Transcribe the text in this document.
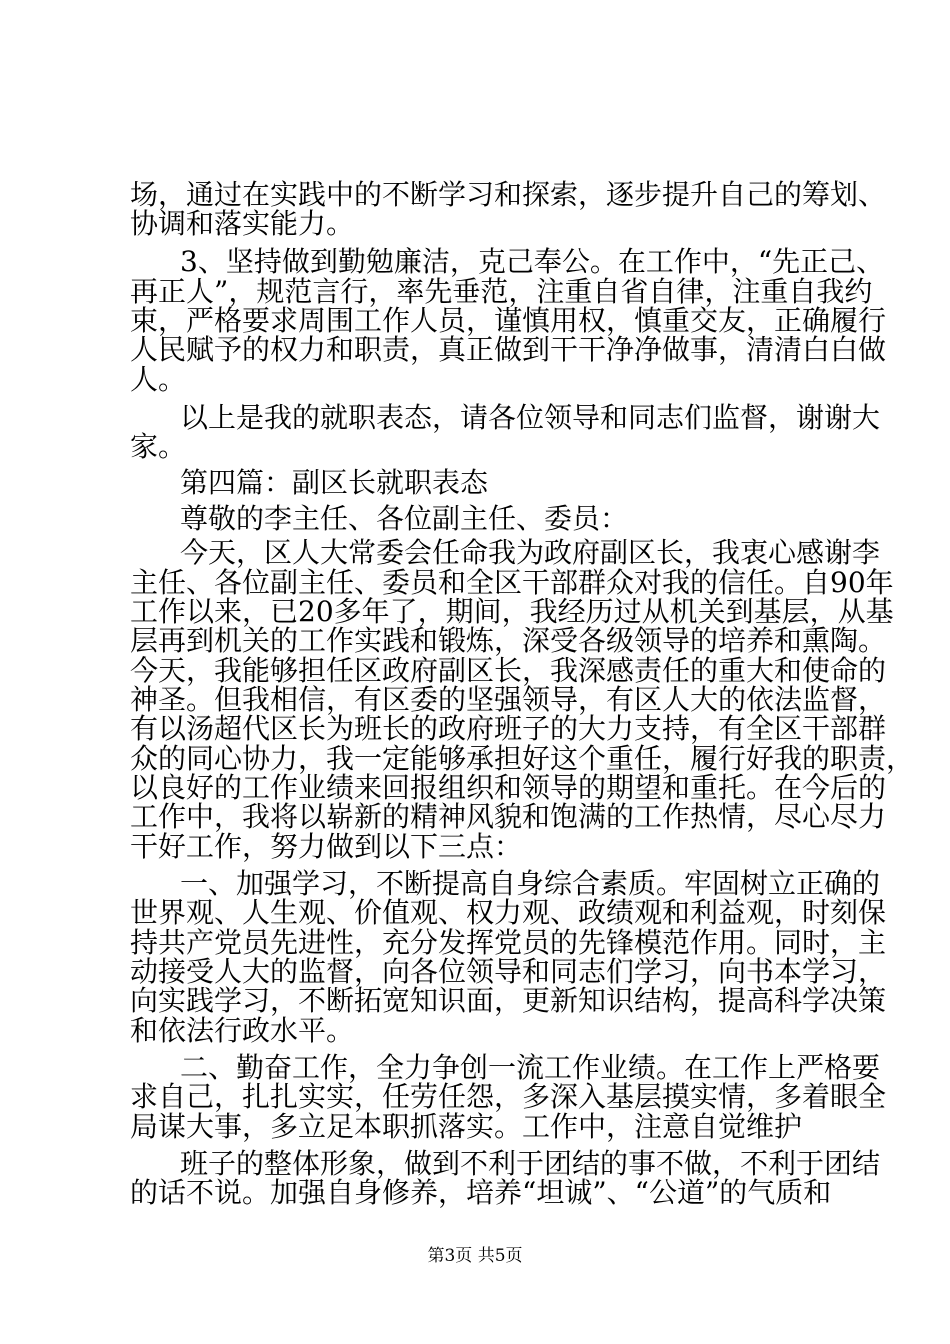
场，通过在实践中的不断学习和探索，逐步提升自己的筹划、
协调和落实能力。
3、坚持做到勤勉廉洁，克己奉公。在工作中，“先正己、
再正人”，规范言行，率先垂范，注重自省自律，注重自我约
束，严格要求周围工作人员，谨慎用权，慎重交友，正确履行
人民赋予的权力和职责，真正做到干干净净做事，清清白白做
人。
以上是我的就职表态，请各位领导和同志们监督，谢谢大
家。
第四篇：副区长就职表态
尊敬的李主任、各位副主任、委员：
今天，区人大常委会任命我为政府副区长，我衷心感谢李
主任、各位副主任、委员和全区干部群众对我的信任。自90年
工作以来，已20多年了，期间，我经历过从机关到基层，从基
层再到机关的工作实践和锻炼，深受各级领导的培养和熏陶。
今天，我能够担任区政府副区长，我深感责任的重大和使命的
神圣。但我相信，有区委的坚强领导，有区人大的依法监督，
有以汤超代区长为班长的政府班子的大力支持，有全区干部群
众的同心协力，我一定能够承担好这个重任，履行好我的职责，
以良好的工作业绩来回报组织和领导的期望和重托。在今后的
工作中，我将以崭新的精神风貌和饱满的工作热情，尽心尽力
干好工作，努力做到以下三点：
一、加强学习，不断提高自身综合素质。牢固树立正确的
世界观、人生观、价值观、权力观、政绩观和利益观，时刻保
持共产党员先进性，充分发挥党员的先锋模范作用。同时，主
动接受人大的监督，向各位领导和同志们学习，向书本学习，
向实践学习，不断拓宽知识面，更新知识结构，提高科学决策
和依法行政水平。
二、勤奋工作，全力争创一流工作业绩。在工作上严格要
求自己，扎扎实实，任劳任怨，多深入基层摸实情，多着眼全
局谋大事，多立足本职抓落实。工作中，注意自觉维护
班子的整体形象，做到不利于团结的事不做，不利于团结
的话不说。加强自身修养，培养“坦诚”、“公道”的气质和
第3页 共5页
